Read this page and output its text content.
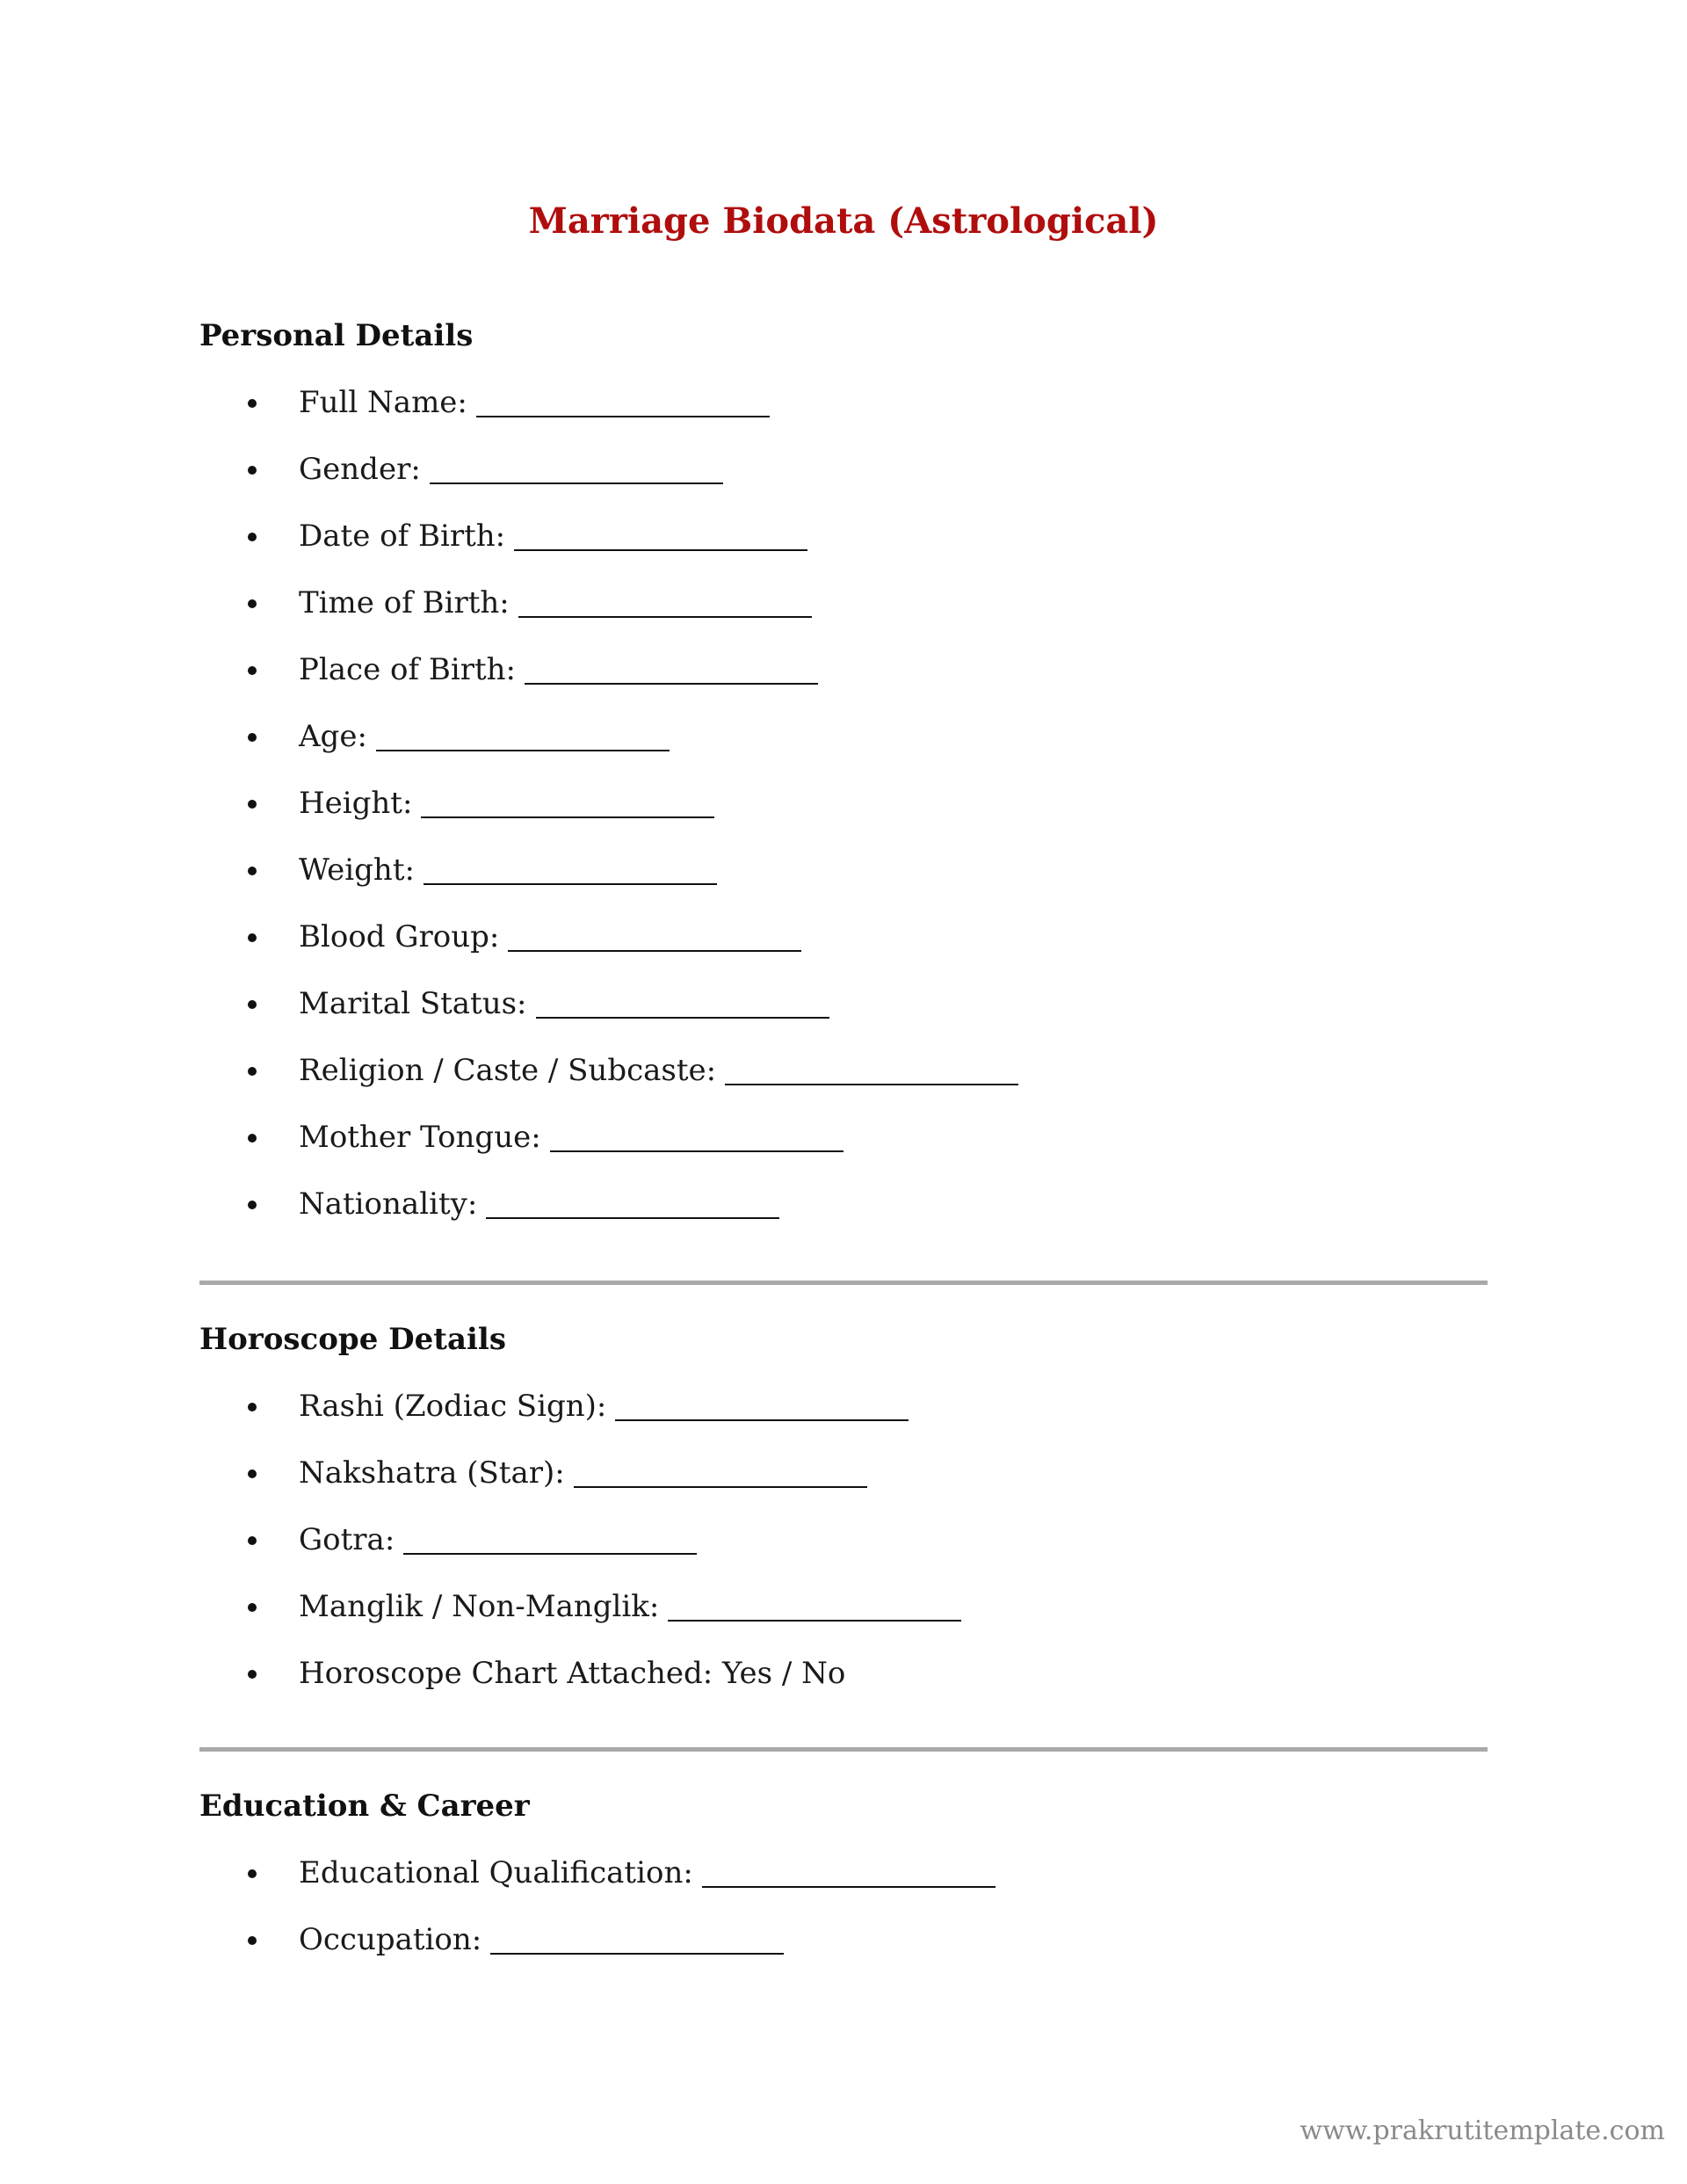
Marriage Biodata (Astrological)
Personal Details
Full Name:
Gender:
Date of Birth:
Time of Birth:
Place of Birth:
Age:
Height:
Weight:
Blood Group:
Marital Status:
Religion / Caste / Subcaste:
Mother Tongue:
Nationality:
Horoscope Details
Rashi (Zodiac Sign):
Nakshatra (Star):
Gotra:
Manglik / Non-Manglik:
Horoscope Chart Attached: Yes / No
Education & Career
Educational Qualification:
Occupation:
www.prakrutitemplate.com
